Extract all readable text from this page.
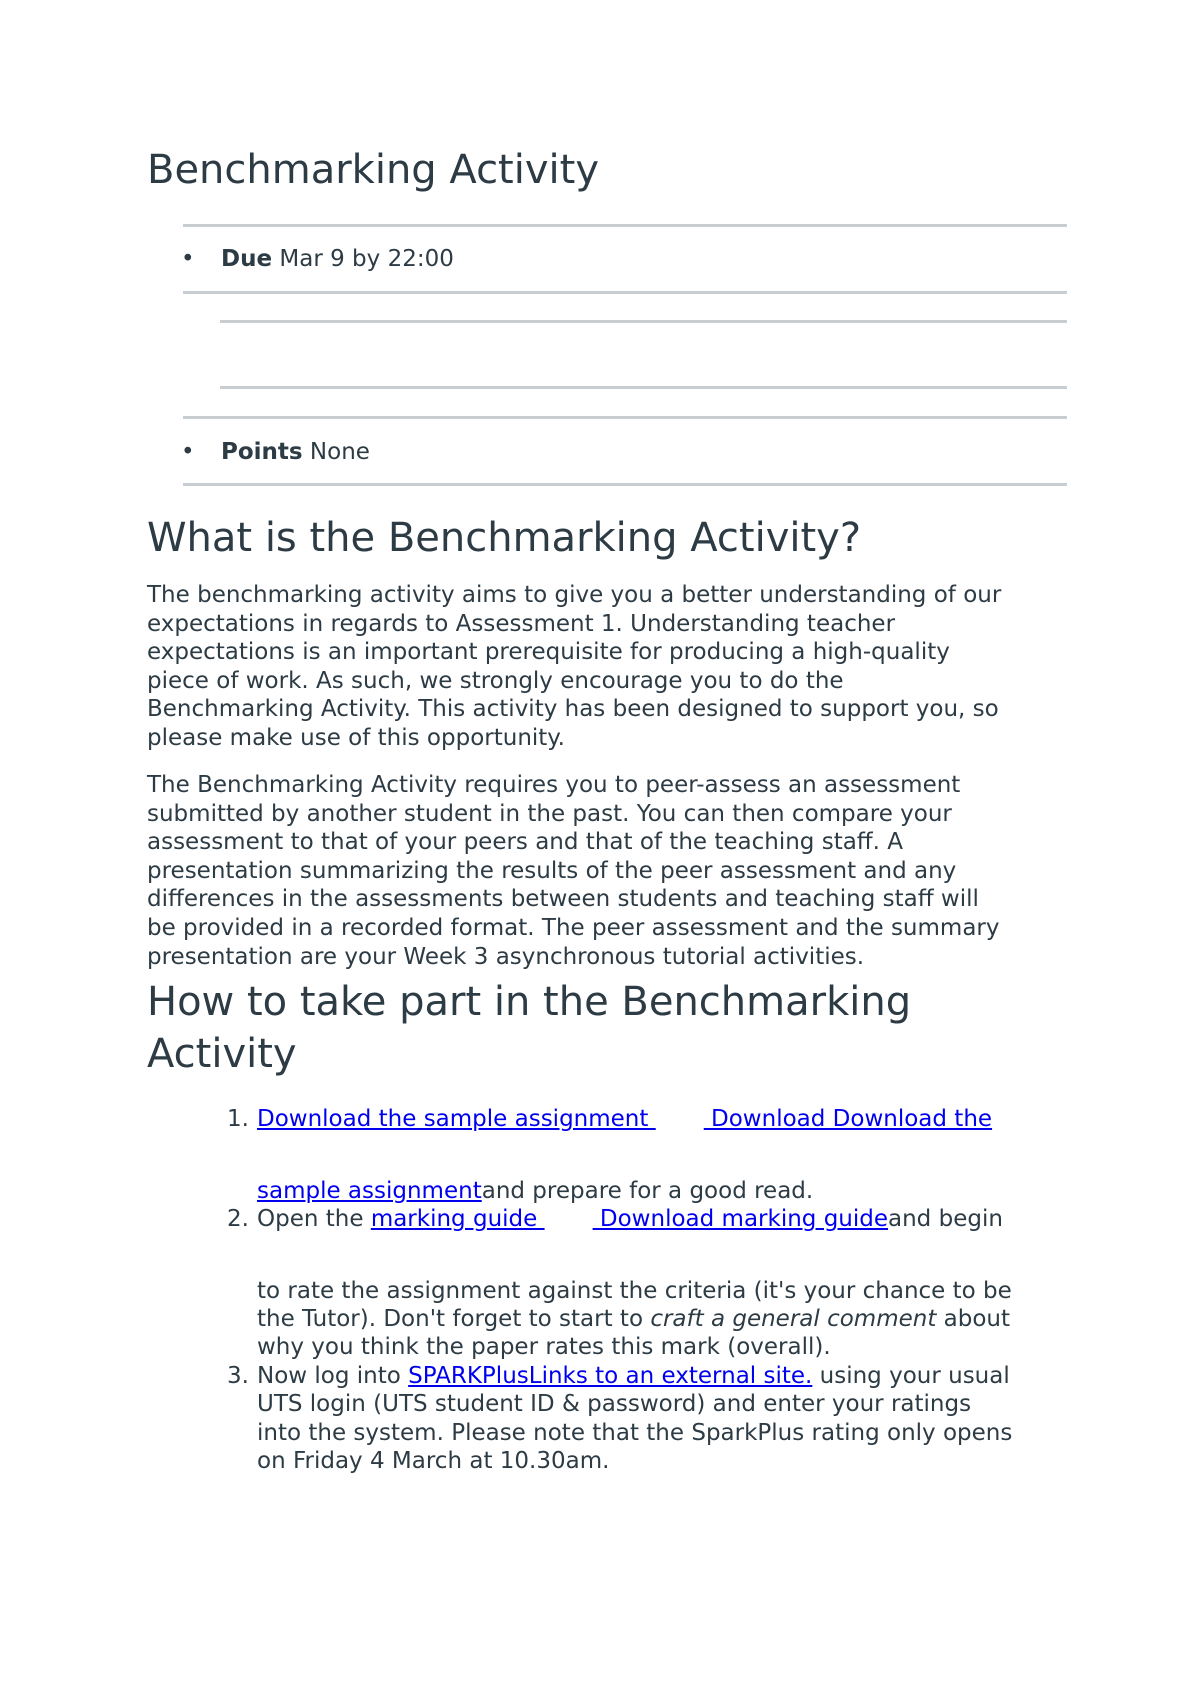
Benchmarking Activity
• Due Mar 9 by 22:00
• Points None
What is the Benchmarking Activity?

The benchmarking activity aims to give you a better understanding of our
expectations in regards to Assessment 1. Understanding teacher
expectations is an important prerequisite for producing a high-quality
piece of work. As such, we strongly encourage you to do the
Benchmarking Activity. This activity has been designed to support you, so
please make use of this opportunity.

The Benchmarking Activity requires you to peer-assess an assessment
submitted by another student in the past. You can then compare your
assessment to that of your peers and that of the teaching staff. A
presentation summarizing the results of the peer assessment and any
differences in the assessments between students and teaching staff will
be provided in a recorded format. The peer assessment and the summary
presentation are your Week 3 asynchronous tutorial activities.

How to take part in the Benchmarking
Activity
1. Download the sample assignment  Download Download the
sample assignmentand prepare for a good read.
2. Open the marking guide  Download marking guideand begin
to rate the assignment against the criteria (it's your chance to be
the Tutor). Don't forget to start to craft a general comment about
why you think the paper rates this mark (overall).
3. Now log into SPARKPlusLinks to an external site. using your usual
UTS login (UTS student ID & password) and enter your ratings
into the system. Please note that the SparkPlus rating only opens
on Friday 4 March at 10.30am.
